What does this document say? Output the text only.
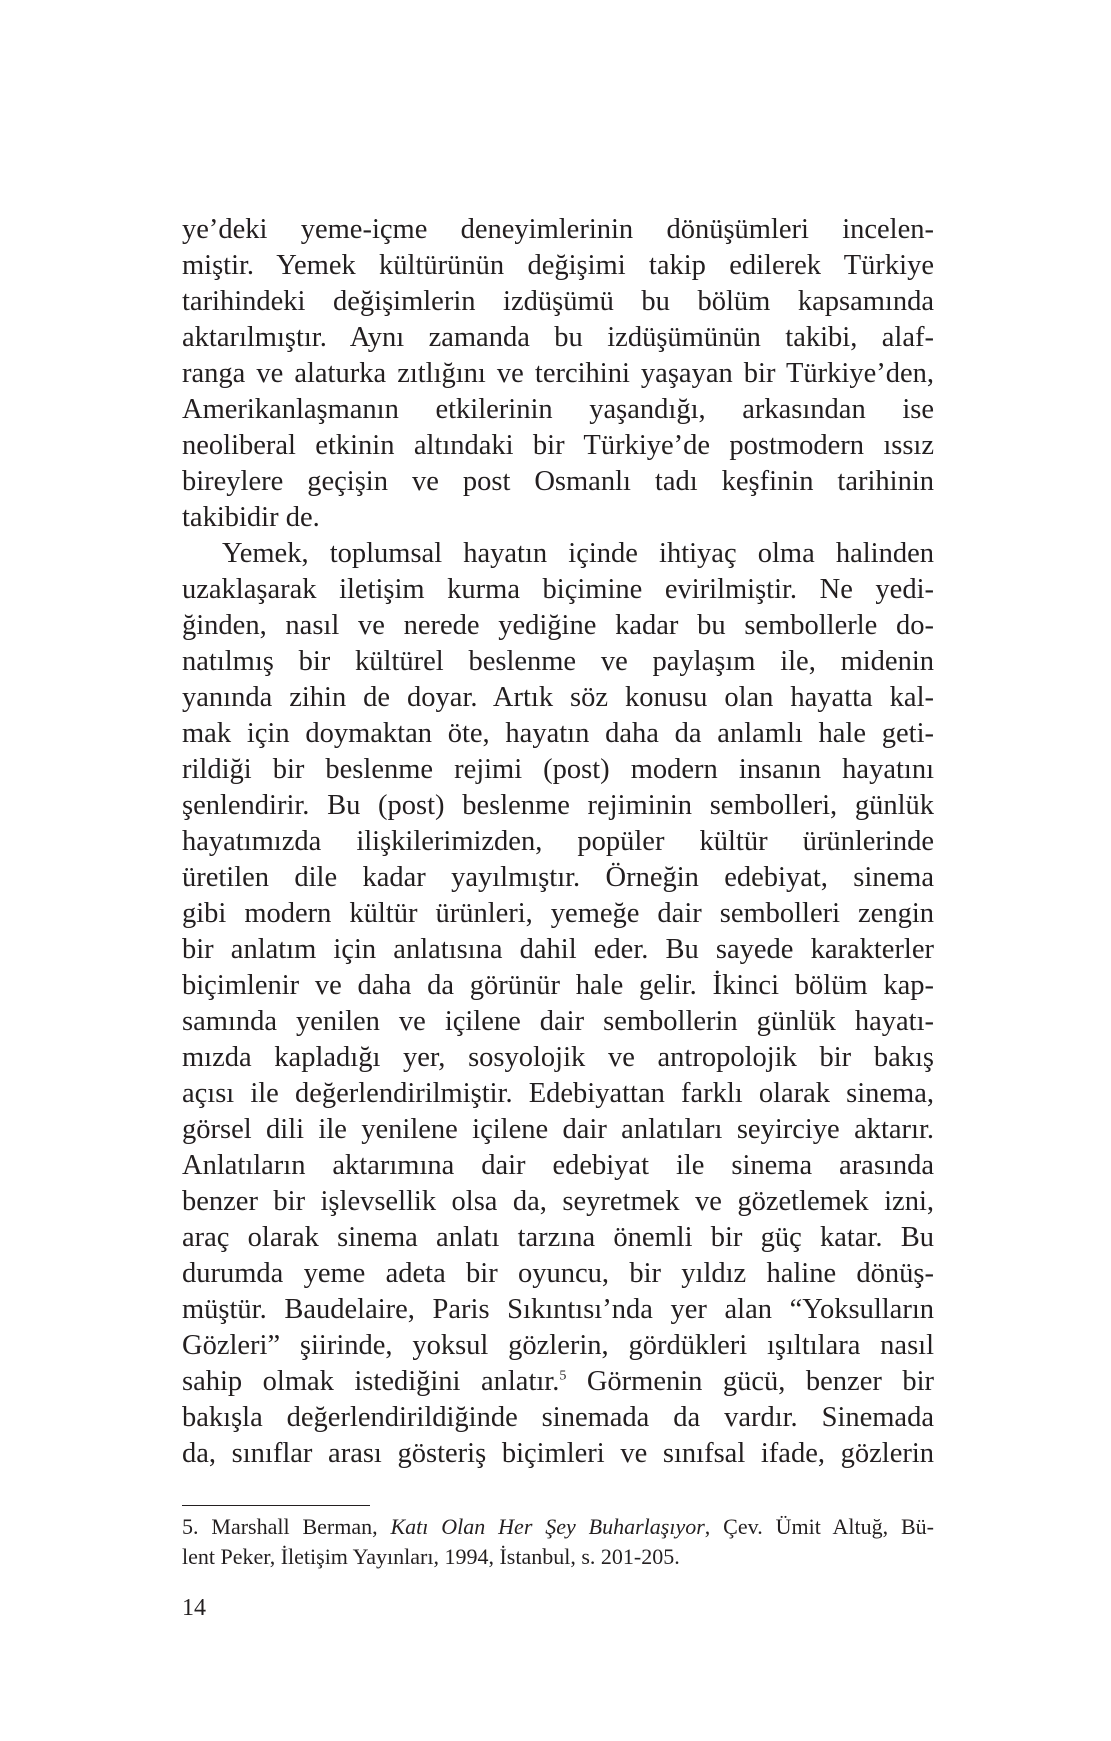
ye’deki yeme-içme deneyimlerinin dönüşümleri incelen-
miştir. Yemek kültürünün değişimi takip edilerek Türkiye
tarihindeki değişimlerin izdüşümü bu bölüm kapsamında
aktarılmıştır. Aynı zamanda bu izdüşümünün takibi, alaf-
ranga ve alaturka zıtlığını ve tercihini yaşayan bir Türkiye’den,
Amerikanlaşmanın etkilerinin yaşandığı, arkasından ise
neoliberal etkinin altındaki bir Türkiye’de postmodern ıssız
bireylere geçişin ve post Osmanlı tadı keşfinin tarihinin
takibidir de.
Yemek, toplumsal hayatın içinde ihtiyaç olma halinden
uzaklaşarak iletişim kurma biçimine evirilmiştir. Ne yedi-
ğinden, nasıl ve nerede yediğine kadar bu sembollerle do-
natılmış bir kültürel beslenme ve paylaşım ile, midenin
yanında zihin de doyar. Artık söz konusu olan hayatta kal-
mak için doymaktan öte, hayatın daha da anlamlı hale geti-
rildiği bir beslenme rejimi (post) modern insanın hayatını
şenlendirir. Bu (post) beslenme rejiminin sembolleri, günlük
hayatımızda ilişkilerimizden, popüler kültür ürünlerinde
üretilen dile kadar yayılmıştır. Örneğin edebiyat, sinema
gibi modern kültür ürünleri, yemeğe dair sembolleri zengin
bir anlatım için anlatısına dahil eder. Bu sayede karakterler
biçimlenir ve daha da görünür hale gelir. İkinci bölüm kap-
samında yenilen ve içilene dair sembollerin günlük hayatı-
mızda kapladığı yer, sosyolojik ve antropolojik bir bakış
açısı ile değerlendirilmiştir. Edebiyattan farklı olarak sinema,
görsel dili ile yenilene içilene dair anlatıları seyirciye aktarır.
Anlatıların aktarımına dair edebiyat ile sinema arasında
benzer bir işlevsellik olsa da, seyretmek ve gözetlemek izni,
araç olarak sinema anlatı tarzına önemli bir güç katar. Bu
durumda yeme adeta bir oyuncu, bir yıldız haline dönüş-
müştür. Baudelaire, Paris Sıkıntısı’nda yer alan “Yoksulların
Gözleri” şiirinde, yoksul gözlerin, gördükleri ışıltılara nasıl
sahip olmak istediğini anlatır.$^5$ Görmenin gücü, benzer bir
bakışla değerlendirildiğinde sinemada da vardır. Sinemada
da, sınıflar arası gösteriş biçimleri ve sınıfsal ifade, gözlerin
5. Marshall Berman, Katı Olan Her Şey Buharlaşıyor, Çev. Ümit Altuğ, Bü-
lent Peker, İletişim Yayınları, 1994, İstanbul, s. 201-205.
14
